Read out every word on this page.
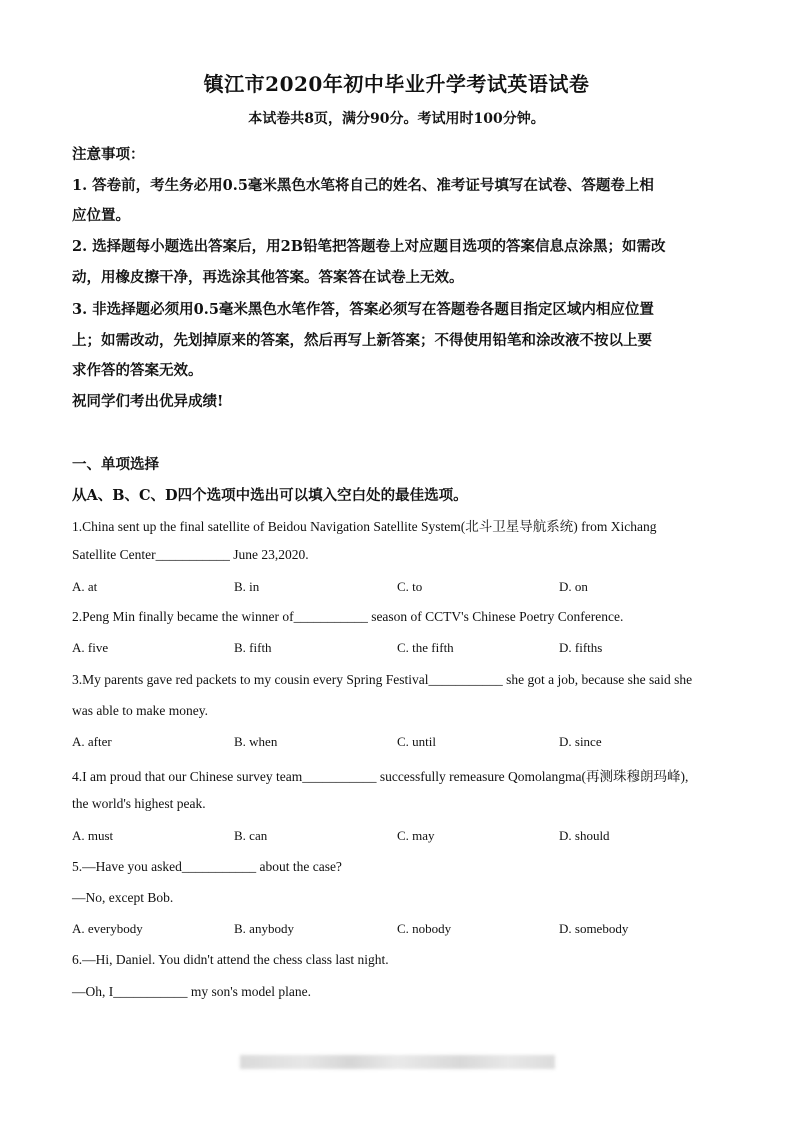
镇江市2020年初中毕业升学考试英语试卷
本试卷共8页，满分90分。考试用时100分钟。
注意事项：
1. 答卷前，考生务必用0.5毫米黑色水笔将自己的姓名、准考证号填写在试卷、答题卷上相
应位置。
2. 选择题每小题选出答案后，用2B铅笔把答题卷上对应题目选项的答案信息点涂黑；如需改
动，用橡皮擦干净，再选涂其他答案。答案答在试卷上无效。
3. 非选择题必须用0.5毫米黑色水笔作答，答案必须写在答题卷各题目指定区域内相应位置
上；如需改动，先划掉原来的答案，然后再写上新答案；不得使用铅笔和涂改液不按以上要
求作答的答案无效。
祝同学们考出优异成绩!
一、单项选择
从A、B、C、D四个选项中选出可以填入空白处的最佳选项。
1.China sent up the final satellite of Beidou Navigation Satellite System(北斗卫星导航系统) from Xichang
Satellite Center___________ June 23,2020.
A. at	B. in	C. to	D. on
2.Peng Min finally became the winner of___________ season of CCTV's Chinese Poetry Conference.
A. five	B. fifth	C. the fifth	D. fifths
3.My parents gave red packets to my cousin every Spring Festival___________ she got a job, because she said she
was able to make money.
A. after	B. when	C. until	D. since
4.I am proud that our Chinese survey team___________ successfully remeasure Qomolangma(再测珠穆朗玛峰),
the world's highest peak.
A. must	B. can	C. may	D. should
5.—Have you asked___________ about the case?
—No, except Bob.
A. everybody	B. anybody	C. nobody	D. somebody
6.—Hi, Daniel. You didn't attend the chess class last night.
—Oh, I___________ my son's model plane.
